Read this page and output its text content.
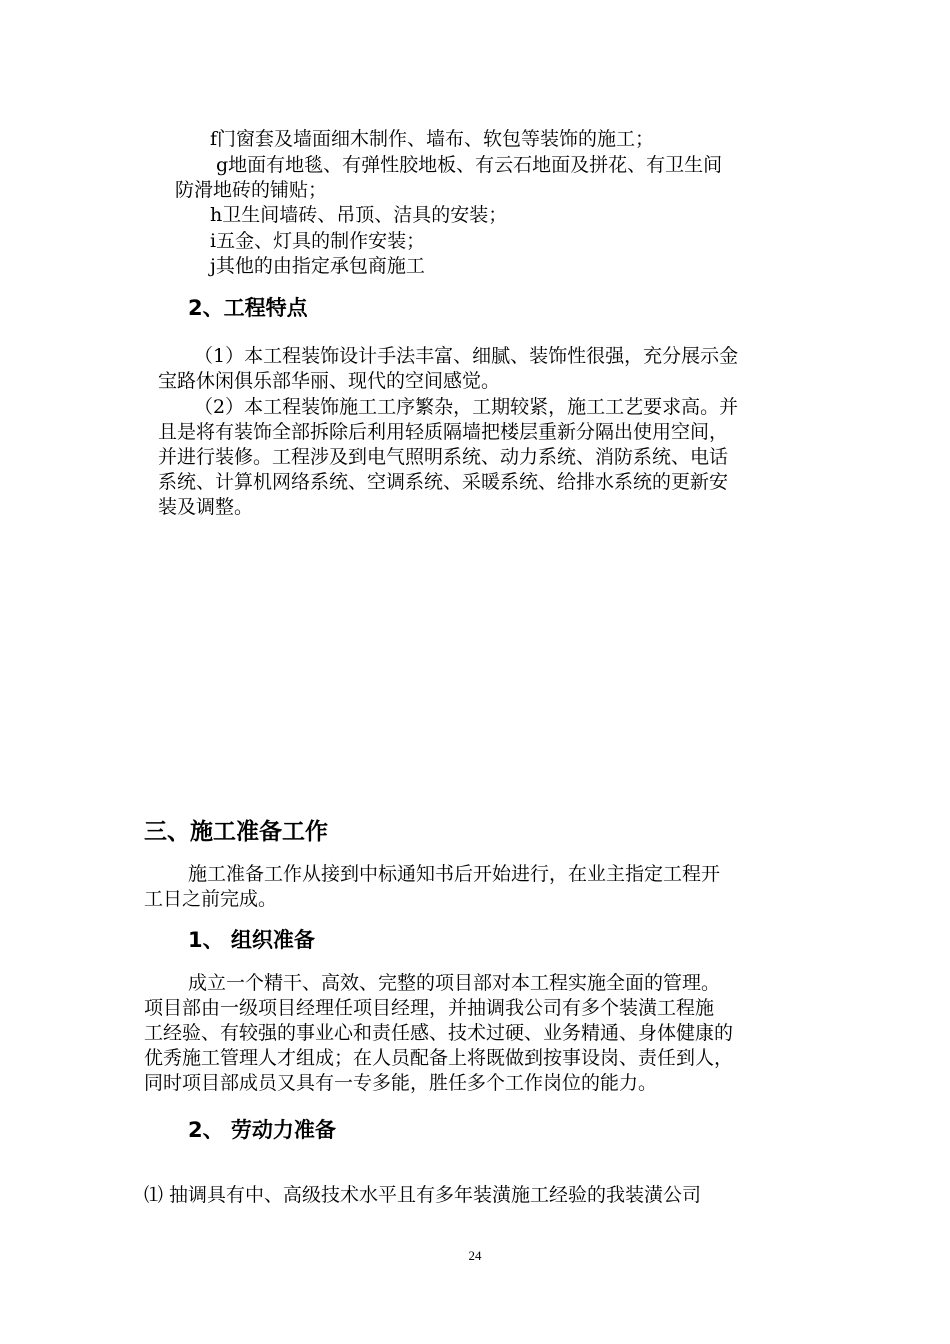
f门窗套及墙面细木制作、墙布、软包等装饰的施工；
g地面有地毯、有弹性胶地板、有云石地面及拼花、有卫生间
防滑地砖的铺贴；
h卫生间墙砖、吊顶、洁具的安装；
i五金、灯具的制作安装；
j其他的由指定承包商施工
2、工程特点
（1）本工程装饰设计手法丰富、细腻、装饰性很强，充分展示金
宝路休闲俱乐部华丽、现代的空间感觉。
（2）本工程装饰施工工序繁杂，工期较紧，施工工艺要求高。并
且是将有装饰全部拆除后利用轻质隔墙把楼层重新分隔出使用空间，
并进行装修。工程涉及到电气照明系统、动力系统、消防系统、电话
系统、计算机网络系统、空调系统、采暖系统、给排水系统的更新安
装及调整。
三、施工准备工作
施工准备工作从接到中标通知书后开始进行，在业主指定工程开
工日之前完成。
1、 组织准备
成立一个精干、高效、完整的项目部对本工程实施全面的管理。
项目部由一级项目经理任项目经理，并抽调我公司有多个装潢工程施
工经验、有较强的事业心和责任感、技术过硬、业务精通、身体健康的
优秀施工管理人才组成；在人员配备上将既做到按事设岗、责任到人，
同时项目部成员又具有一专多能，胜任多个工作岗位的能力。
2、 劳动力准备
⑴ 抽调具有中、高级技术水平且有多年装潢施工经验的我装潢公司
24
